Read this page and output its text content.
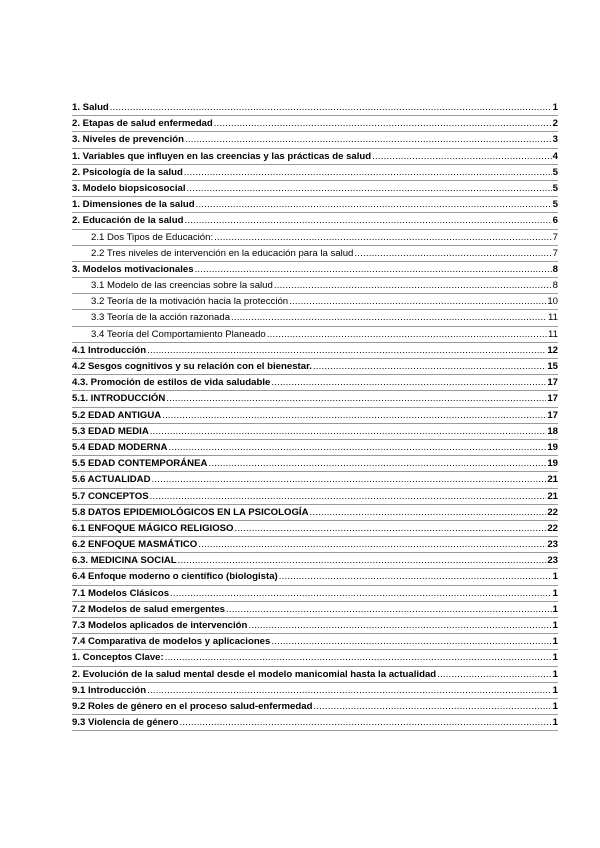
1. Salud .....	1
2. Etapas de salud enfermedad .....	2
3. Niveles de prevención .....	3
1. Variables que influyen en las creencias y las prácticas de salud .....	4
2. Psicología de la salud .....	5
3. Modelo biopsicosocial .....	5
1. Dimensiones de la salud .....	5
2. Educación de la salud .....	6
2.1 Dos Tipos de Educación: .....	7
2.2 Tres niveles de intervención en la educación para la salud .....	7
3. Modelos motivacionales .....	8
3.1 Modelo de las creencias sobre la salud .....	8
3.2 Teoría de la motivación hacia la protección .....	10
3.3 Teoría de la acción razonada .....	11
3.4 Teoría del Comportamiento Planeado .....	11
4.1 Introducción .....	12
4.2 Sesgos cognitivos y su relación con el bienestar. .....	15
4.3. Promoción de estilos de vida saludable .....	17
5.1. INTRODUCCIÓN .....	17
5.2 EDAD ANTIGUA .....	17
5.3 EDAD MEDIA .....	18
5.4 EDAD MODERNA .....	19
5.5 EDAD CONTEMPORÁNEA .....	19
5.6 ACTUALIDAD .....	21
5.7 CONCEPTOS .....	21
5.8 DATOS EPIDEMIOLÓGICOS EN LA PSICOLOGÍA .....	22
6.1 ENFOQUE MÁGICO RELIGIOSO .....	22
6.2 ENFOQUE MASMÁTICO .....	23
6.3. MEDICINA SOCIAL .....	23
6.4 Enfoque moderno o científico (biologista) .....	1
7.1 Modelos Clásicos .....	1
7.2 Modelos de salud emergentes .....	1
7.3 Modelos aplicados de intervención .....	1
7.4 Comparativa de modelos y aplicaciones .....	1
1. Conceptos Clave: .....	1
2. Evolución de la salud mental desde el modelo manicomial hasta la actualidad .....	1
9.1 Introducción .....	1
9.2 Roles de género en el proceso salud-enfermedad .....	1
9.3 Violencia de género .....	1
